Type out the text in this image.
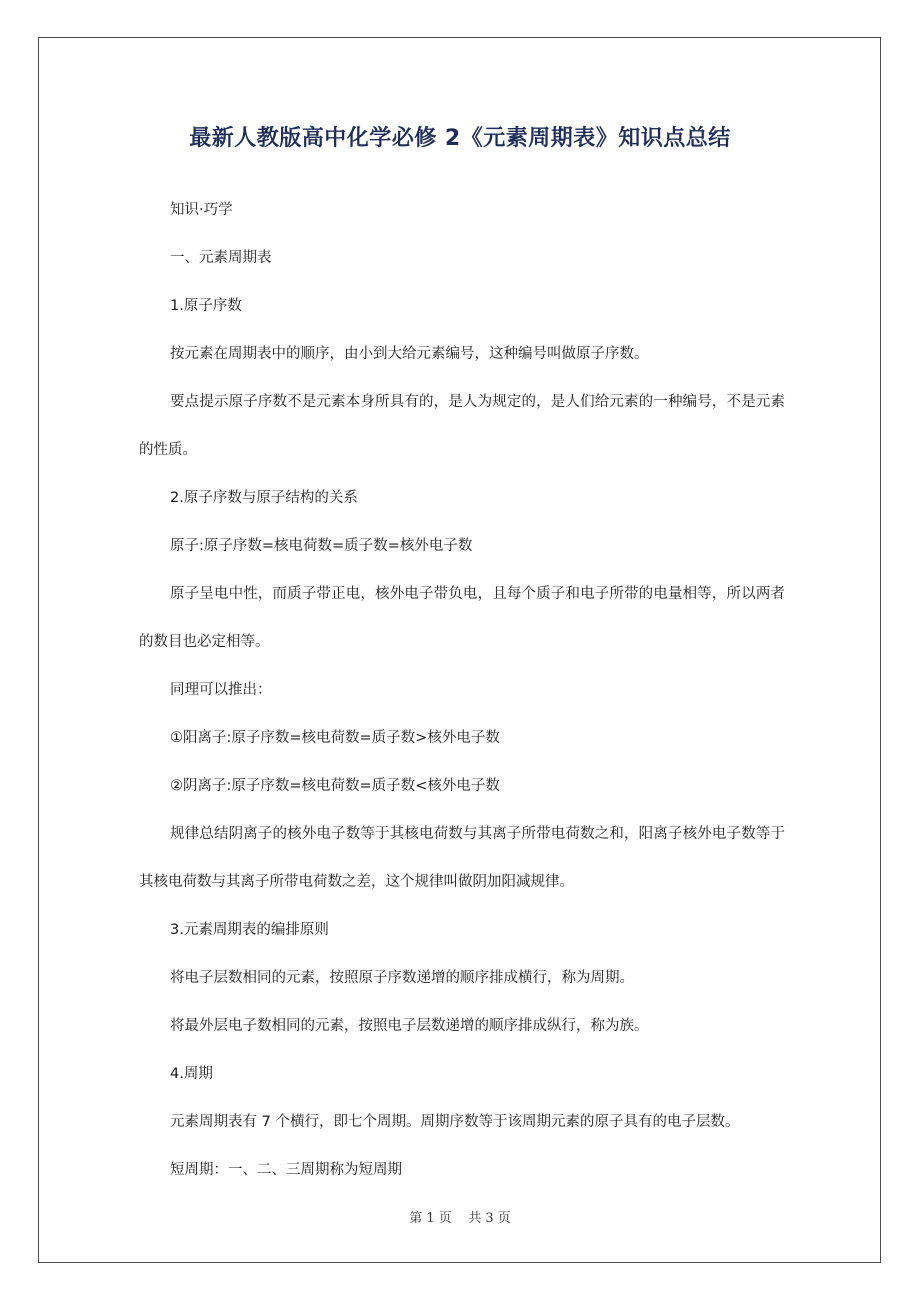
最新人教版高中化学必修 2《元素周期表》知识点总结

知识·巧学

一、元素周期表

1.原子序数

按元素在周期表中的顺序，由小到大给元素编号，这种编号叫做原子序数。

要点提示原子序数不是元素本身所具有的，是人为规定的，是人们给元素的一种编号，不是元素的性质。

2.原子序数与原子结构的关系

原子:原子序数=核电荷数=质子数=核外电子数

原子呈电中性，而质子带正电，核外电子带负电，且每个质子和电子所带的电量相等，所以两者的数目也必定相等。

同理可以推出：

①阳离子:原子序数=核电荷数=质子数>核外电子数

②阴离子:原子序数=核电荷数=质子数<核外电子数

规律总结阴离子的核外电子数等于其核电荷数与其离子所带电荷数之和，阳离子核外电子数等于其核电荷数与其离子所带电荷数之差，这个规律叫做阴加阳减规律。

3.元素周期表的编排原则

将电子层数相同的元素，按照原子序数递增的顺序排成横行，称为周期。

将最外层电子数相同的元素，按照电子层数递增的顺序排成纵行，称为族。

4.周期

元素周期表有 7 个横行，即七个周期。周期序数等于该周期元素的原子具有的电子层数。

短周期：一、二、三周期称为短周期

第 1 页    共 3 页
